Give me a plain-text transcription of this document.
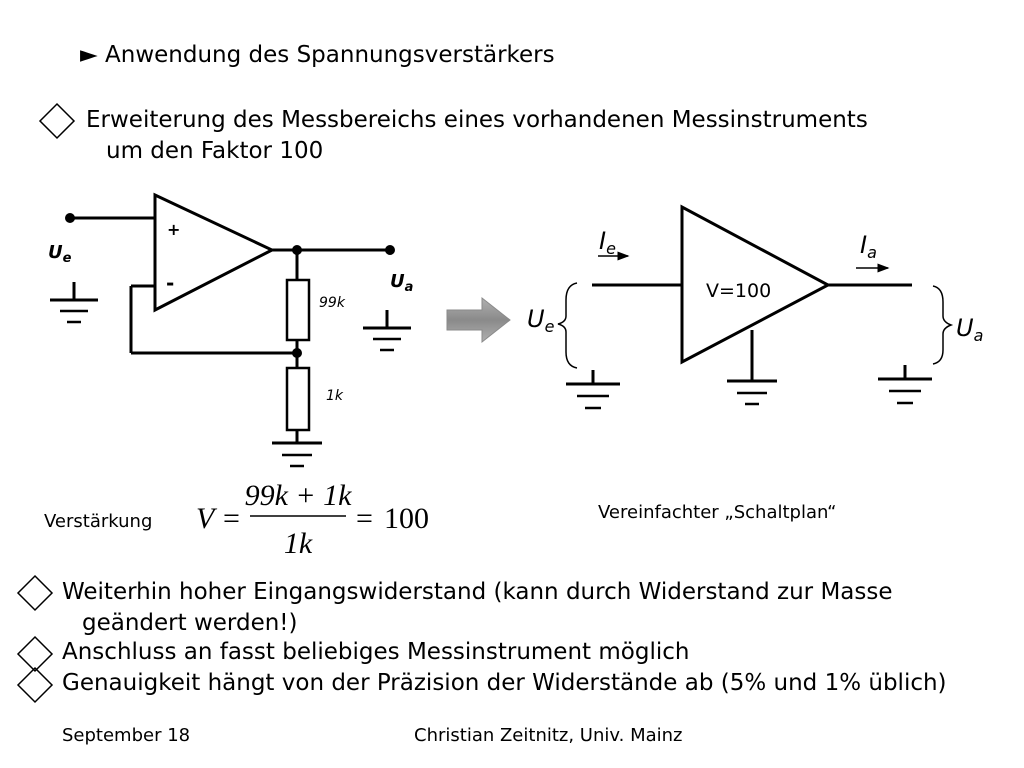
► Anwendung des Spannungsverstärkers
Erweiterung des Messbereichs eines vorhandenen Messinstruments
um den Faktor 100
Weiterhin hoher Eingangswiderstand (kann durch Widerstand zur Masse
geändert werden!)
Anschluss an fasst beliebiges Messinstrument möglich
Genauigkeit hängt von der Präzision der Widerstände ab (5% und 1% üblich)
September 18	Christian Zeitnitz, Univ. Mainz
+
-
$U_e$
$U_a$
99k
1k
V=100
$I_e$	$I_a$
$U_e$	$U_a$
Vereinfachter „Schaltplan“
Verstärkung V =
99k + 1k
1k
= 100
